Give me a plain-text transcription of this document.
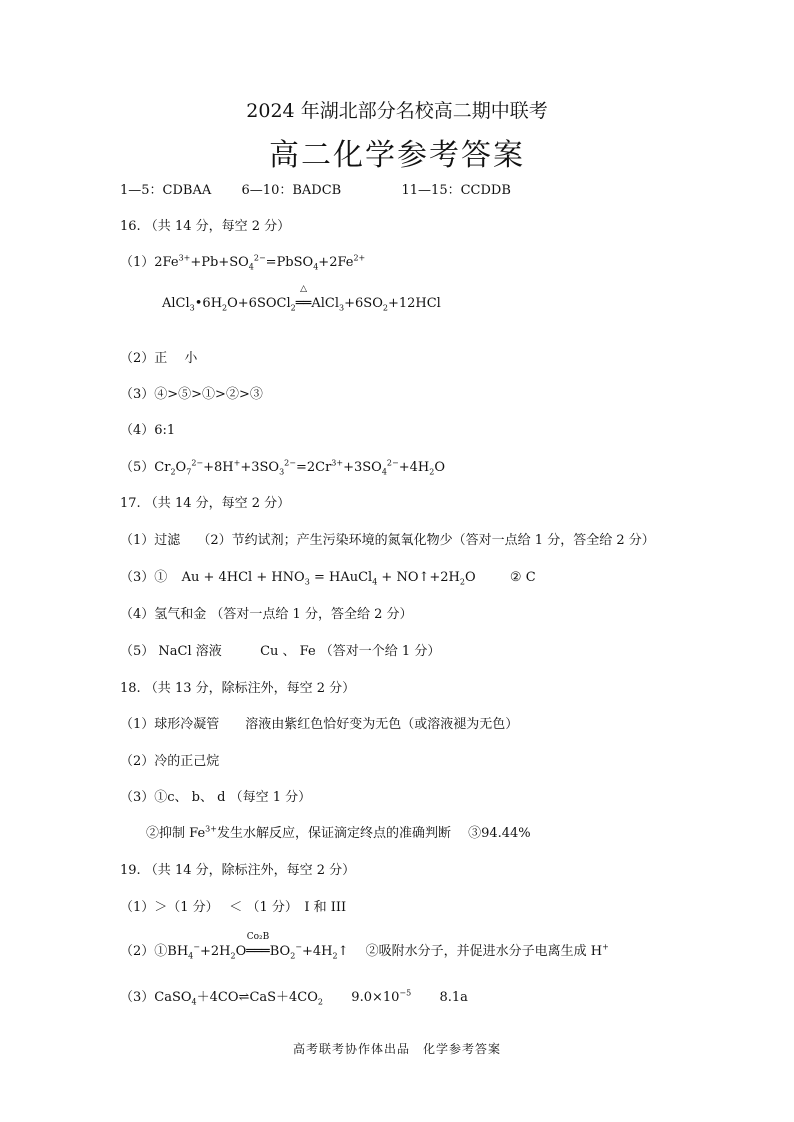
2024 年湖北部分名校高二期中联考
高二化学参考答案
1—5：CDBAA 6—10：BADCB	11—15：CCDDB
16. （共 14 分，每空 2 分）
$(1)2Fe^{3+}+Pb+SO_4^{2-}=PbSO_4+2Fe^{2+}$
$AlCl_3•6H_2O+6SOCl_2$
△
$══AlCl_3+6SO_2+12HCl$
（2）正　 小
（3）④>⑤>①>②>③
（4）6:1
$(5)Cr_2O_7^{2-}+8H^++3SO_3^{2-}=2Cr^{3+}+3SO_4^{2-}+4H_2O$
17. （共 14 分，每空 2 分）
（1）过滤　 （2）节约试剂；产生污染环境的氮氧化物少（答对一点给 1 分，答全给 2 分）
（3）① $Au + 4HCl + HNO_3$ = HAuCl$_4$ + $NO↑+2H_2O$	② C
（4）氢气和金 （答对一点给 1 分，答全给 2 分）
（5） NaCl 溶液	Cu 、 Fe （答对一个给 1 分）
18. （共 13 分，除标注外，每空 2 分）
（1）球形冷凝管　　溶液由紫红色恰好变为无色（或溶液褪为无色）
（2）冷的正己烷
（3）①c、 b、 d （每空 1 分）
②抑制 $Fe^{3+}$发生水解反应，保证滴定终点的准确判断　 ③94.44%
19. （共 14 分，除标注外，每空 2 分）
（1）＞（1 分）　 ＜ （1 分）　I 和 III
$(2)①BH_4^-+2H_2O$
Co₂B
$═══BO_2^-+4H_2↑$　 ②吸附水分子，并促进水分子电离生成 H+
$(3)CaSO_4+4CO\rightleftharpoons CaS+4CO_2$ $9.0\times 10^{-5}$ 8.1a
高考联考协作体出品　化学参考答案
